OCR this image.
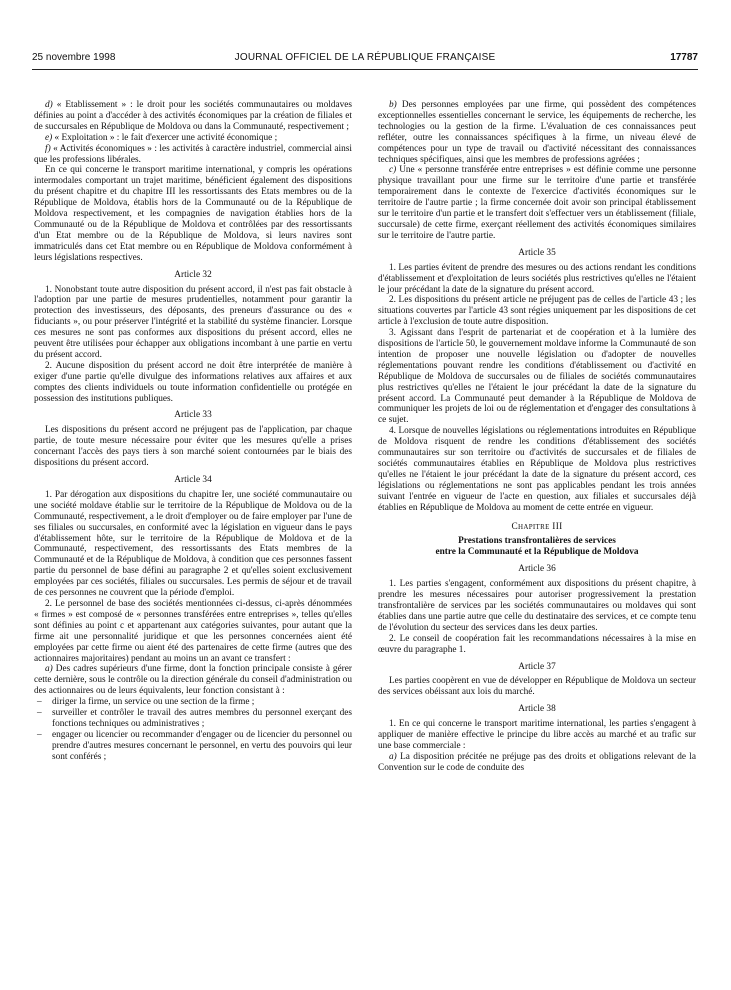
25 novembre 1998	JOURNAL OFFICIEL DE LA RÉPUBLIQUE FRANÇAISE	17787

d) « Etablissement » : le droit pour les sociétés communautaires ou moldaves définies au point a d'accéder à des activités économiques par la création de filiales et de succursales en République de Moldova ou dans la Communauté, respectivement ;

e) « Exploitation » : le fait d'exercer une activité économique ;

f) « Activités économiques » : les activités à caractère industriel, commercial ainsi que les professions libérales.

En ce qui concerne le transport maritime international, y compris les opérations intermodales comportant un trajet maritime, bénéficient également des dispositions du présent chapitre et du chapitre III les ressortissants des Etats membres ou de la République de Moldova, établis hors de la Communauté ou de la République de Moldova respectivement, et les compagnies de navigation établies hors de la Communauté ou de la République de Moldova et contrôlées par des ressortissants d'un Etat membre ou de la République de Moldova, si leurs navires sont immatriculés dans cet Etat membre ou en République de Moldova conformément à leurs législations respectives.

Article 32

1. Nonobstant toute autre disposition du présent accord, il n'est pas fait obstacle à l'adoption par une partie de mesures prudentielles, notamment pour garantir la protection des investisseurs, des déposants, des preneurs d'assurance ou des « fiduciants », ou pour préserver l'intégrité et la stabilité du système financier. Lorsque ces mesures ne sont pas conformes aux dispositions du présent accord, elles ne peuvent être utilisées pour échapper aux obligations incombant à une partie en vertu du présent accord.

2. Aucune disposition du présent accord ne doit être interprétée de manière à exiger d'une partie qu'elle divulgue des informations relatives aux affaires et aux comptes des clients individuels ou toute information confidentielle ou protégée en possession des institutions publiques.

Article 33

Les dispositions du présent accord ne préjugent pas de l'application, par chaque partie, de toute mesure nécessaire pour éviter que les mesures qu'elle a prises concernant l'accès des pays tiers à son marché soient contournées par le biais des dispositions du présent accord.

Article 34

1. Par dérogation aux dispositions du chapitre Ier, une société communautaire ou une société moldave établie sur le territoire de la République de Moldova ou de la Communauté, respectivement, a le droit d'employer ou de faire employer par l'une de ses filiales ou succursales, en conformité avec la législation en vigueur dans le pays d'établissement hôte, sur le territoire de la République de Moldova et de la Communauté, respectivement, des ressortissants des Etats membres de la Communauté et de la République de Moldova, à condition que ces personnes fassent partie du personnel de base défini au paragraphe 2 et qu'elles soient exclusivement employées par ces sociétés, filiales ou succursales. Les permis de séjour et de travail de ces personnes ne couvrent que la période d'emploi.

2. Le personnel de base des sociétés mentionnées ci-dessus, ci-après dénommées « firmes » est composé de « personnes transférées entre entreprises », telles qu'elles sont définies au point c et appartenant aux catégories suivantes, pour autant que la firme ait une personnalité juridique et que les personnes concernées aient été employées par cette firme ou aient été des partenaires de cette firme (autres que des actionnaires majoritaires) pendant au moins un an avant ce transfert :

a) Des cadres supérieurs d'une firme, dont la fonction principale consiste à gérer cette dernière, sous le contrôle ou la direction générale du conseil d'administration ou des actionnaires ou de leurs équivalents, leur fonction consistant à :

– diriger la firme, un service ou une section de la firme ;
– surveiller et contrôler le travail des autres membres du personnel exerçant des fonctions techniques ou administratives ;
– engager ou licencier ou recommander d'engager ou de licencier du personnel ou prendre d'autres mesures concernant le personnel, en vertu des pouvoirs qui leur sont conférés ;

b) Des personnes employées par une firme, qui possèdent des compétences exceptionnelles essentielles concernant le service, les équipements de recherche, les technologies ou la gestion de la firme. L'évaluation de ces connaissances peut refléter, outre les connaissances spécifiques à la firme, un niveau élevé de compétences pour un type de travail ou d'activité nécessitant des connaissances techniques spécifiques, ainsi que les membres de professions agréées ;

c) Une « personne transférée entre entreprises » est définie comme une personne physique travaillant pour une firme sur le territoire d'une partie et transférée temporairement dans le contexte de l'exercice d'activités économiques sur le territoire de l'autre partie ; la firme concernée doit avoir son principal établissement sur le territoire d'un partie et le transfert doit s'effectuer vers un établissement (filiale, succursale) de cette firme, exerçant réellement des activités économiques similaires sur le territoire de l'autre partie.

Article 35

1. Les parties évitent de prendre des mesures ou des actions rendant les conditions d'établissement et d'exploitation de leurs sociétés plus restrictives qu'elles ne l'étaient le jour précédant la date de la signature du présent accord.

2. Les dispositions du présent article ne préjugent pas de celles de l'article 43 ; les situations couvertes par l'article 43 sont régies uniquement par les dispositions de cet article à l'exclusion de toute autre disposition.

3. Agissant dans l'esprit de partenariat et de coopération et à la lumière des dispositions de l'article 50, le gouvernement moldave informe la Communauté de son intention de proposer une nouvelle législation ou d'adopter de nouvelles réglementations pouvant rendre les conditions d'établissement ou d'activité en République de Moldova de succursales ou de filiales de sociétés communautaires plus restrictives qu'elles ne l'étaient le jour précédant la date de la signature du présent accord. La Communauté peut demander à la République de Moldova de communiquer les projets de loi ou de réglementation et d'engager des consultations à ce sujet.

4. Lorsque de nouvelles législations ou réglementations introduites en République de Moldova risquent de rendre les conditions d'établissement des sociétés communautaires sur son territoire ou d'activités de succursales et de filiales de sociétés communautaires établies en République de Moldova plus restrictives qu'elles ne l'étaient le jour précédant la date de la signature du présent accord, ces législations ou réglementations ne sont pas applicables pendant les trois années suivant l'entrée en vigueur de l'acte en question, aux filiales et succursales déjà établies en République de Moldova au moment de cette entrée en vigueur.

Chapitre III

Prestations transfrontalières de services
entre la Communauté et la République de Moldova

Article 36

1. Les parties s'engagent, conformément aux dispositions du présent chapitre, à prendre les mesures nécessaires pour autoriser progressivement la prestation transfrontalière de services par les sociétés communautaires ou moldaves qui sont établies dans une partie autre que celle du destinataire des services, et ce compte tenu de l'évolution du secteur des services dans les deux parties.

2. Le conseil de coopération fait les recommandations nécessaires à la mise en œuvre du paragraphe 1.

Article 37

Les parties coopèrent en vue de développer en République de Moldova un secteur des services obéissant aux lois du marché.

Article 38

1. En ce qui concerne le transport maritime international, les parties s'engagent à appliquer de manière effective le principe du libre accès au marché et au trafic sur une base commerciale :

a) La disposition précitée ne préjuge pas des droits et obligations relevant de la Convention sur le code de conduite des
